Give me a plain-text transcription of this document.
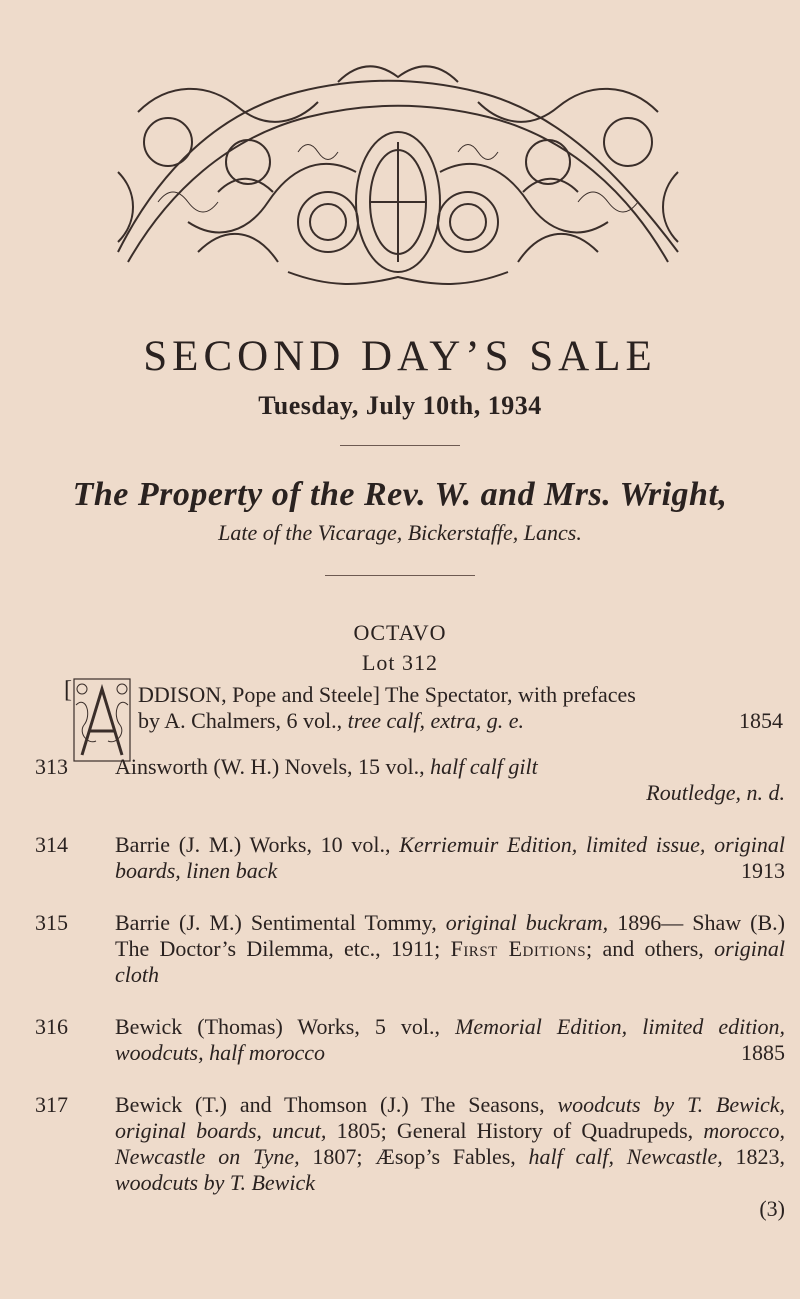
SECOND DAY’S SALE
Tuesday, July 10th, 1934
The Property of the Rev. W. and Mrs. Wright,
Late of the Vicarage, Bickerstaffe, Lancs.
OCTAVO
Lot 312
[	DDISON, Pope and Steele] The Spectator, with prefaces
by A. Chalmers, 6 vol., tree calf, extra, g. e.	1854
313 Ainsworth (W. H.) Novels, 15 vol., half calf gilt
Routledge, n. d.
314 Barrie (J. M.) Works, 10 vol., Kerriemuir Edition, limited issue, original boards, linen back	1913
315 Barrie (J. M.) Sentimental Tommy, original buckram, 1896— Shaw (B.) The Doctor’s Dilemma, etc., 1911; First Editions; and others, original cloth
316 Bewick (Thomas) Works, 5 vol., Memorial Edition, limited edition, woodcuts, half morocco	1885
317 Bewick (T.) and Thomson (J.) The Seasons, woodcuts by T. Bewick, original boards, uncut, 1805; General History of Quadrupeds, morocco, Newcastle on Tyne, 1807; Æsop’s Fables, half calf, Newcastle, 1823, woodcuts by T. Bewick
(3)
